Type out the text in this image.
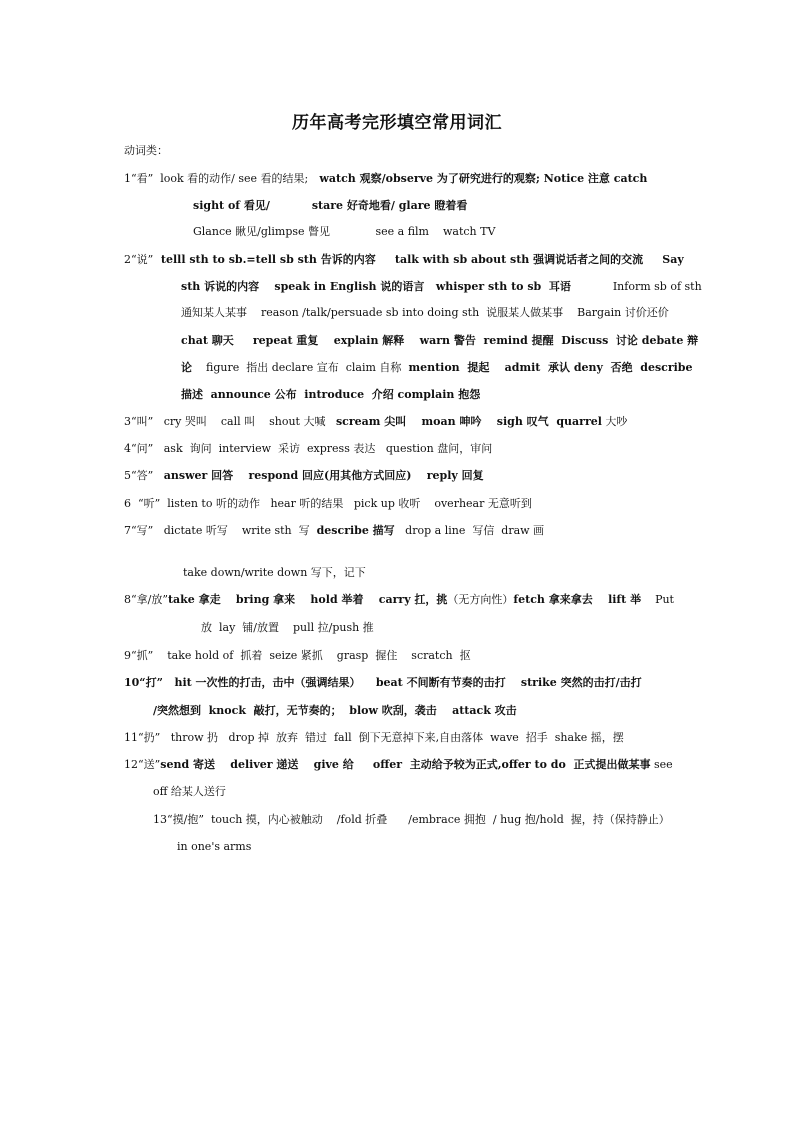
历年高考完形填空常用词汇
动词类：
1“看”  look 看的动作/ see 看的结果;   watch 观察/observe 为了研究进行的观察; Notice 注意 catch
sight of 看见/	stare 好奇地看/ glare 瞪着看
Glance 瞅见/glimpse 瞥见             see a film    watch TV
2“说”  telll sth to sb.=tell sb sth 告诉的内容     talk with sb about sth 强调说话者之间的交流     Say
sth 诉说的内容    speak in English 说的语言   whisper sth to sb  耳语            Inform sb of sth
通知某人某事    reason /talk/persuade sb into doing sth  说服某人做某事    Bargain 讨价还价
chat 聊天     repeat 重复    explain 解释    warn 警告  remind 提醒  Discuss  讨论 debate 辩
论    figure  指出 declare 宣布  claim 自称  mention  提起    admit  承认 deny  否绝  describe
描述  announce 公布  introduce  介绍 complain 抱怨
3“叫”   cry 哭叫    call 叫    shout 大喊   scream 尖叫    moan 呻吟    sigh 叹气  quarrel 大吵
4“问”   ask  询问  interview  采访  express 表达   question 盘问，审问
5“答”   answer 回答    respond 回应(用其他方式回应)    reply 回复
6  “听”  listen to 听的动作   hear 听的结果   pick up 收听    overhear 无意听到
7“写”   dictate 听写    write sth  写  describe 描写   drop a line  写信  draw 画
take down/write down 写下，记下
8“拿/放”take 拿走    bring 拿来    hold 举着    carry 扛，挑（无方向性）fetch 拿来拿去    lift 举    Put
放  lay  铺/放置    pull 拉/push 推
9“抓”    take hold of  抓着  seize 紧抓    grasp  握住    scratch  抠
10“打”   hit 一次性的打击，击中（强调结果）    beat 不间断有节奏的击打    strike 突然的击打/击打
/突然想到  knock  敲打，无节奏的；  blow 吹刮，袭击    attack 攻击
11“扔”   throw 扔   drop 掉  放弃  错过  fall  倒下无意掉下来,自由落体  wave  招手  shake 摇，摆
12“送”send 寄送    deliver 递送    give 给     offer  主动给予较为正式,offer to do  正式提出做某事 see
off 给某人送行
13“摸/抱”  touch 摸，内心被触动    /fold 折叠      /embrace 拥抱  / hug 抱/hold  握，持（保持静止）
in one's arms
